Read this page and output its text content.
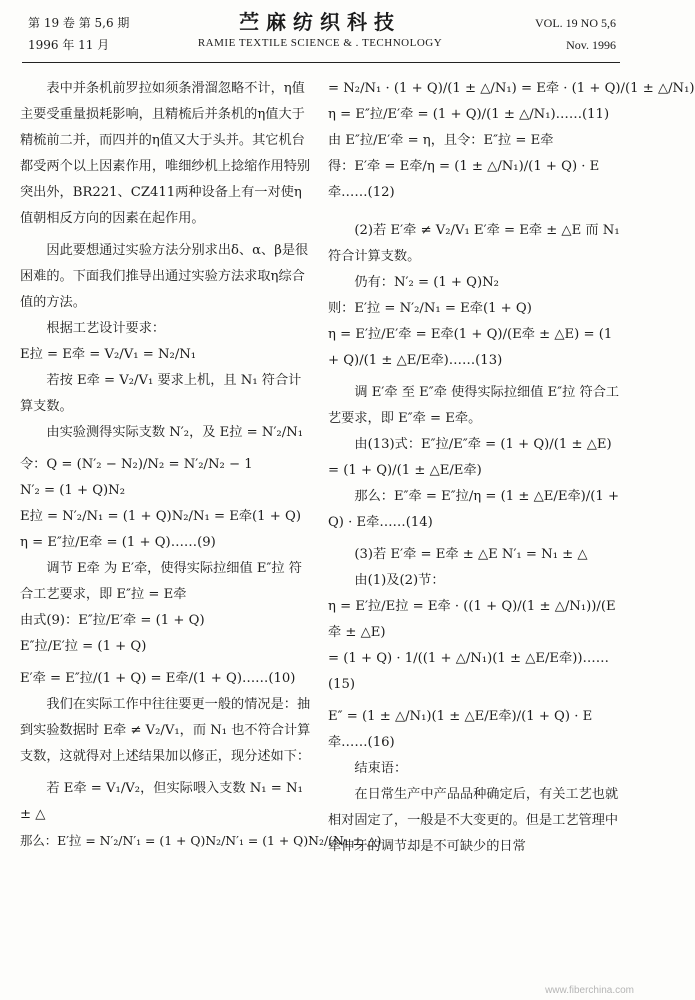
第 19 卷 第 5,6 期
1996 年 11 月
苎麻纺织科技
RAMIE TEXTILE SCIENCE & . TECHNOLOGY
VOL. 19 NO 5,6
Nov. 1996

表中并条机前罗拉如须条滑溜忽略不计，η值主要受重量损耗影响，且精梳后并条机的η值大于精梳前二并，而四并的η值又大于头并。其它机台都受两个以上因素作用，唯细纱机上捻缩作用特别突出外，BR221、CZ411两种设备上有一对使η值朝相反方向的因素在起作用。

因此要想通过实验方法分别求出δ、α、β是很困难的。下面我们推导出通过实验方法求取η综合值的方法。

根据工艺设计要求：

E拉 = E牵 = V₂/V₁ = N₂/N₁

若按 E牵 = V₂/V₁ 要求上机，且 N₁ 符合计算支数。

由实验测得实际支数 N′₂，及 E拉 = N′₂/N₁

令：Q = (N′₂ − N₂)/N₂ = N′₂/N₂ − 1

N′₂ = (1 + Q)N₂

E拉 = N′₂/N₁ = (1 + Q)N₂/N₁ = E牵(1 + Q)

η = E″拉/E牵 = (1 + Q)……(9)

调节 E牵 为 E′牵，使得实际拉细值 E″拉 符合工艺要求，即 E″拉 = E牵

由式(9)：E″拉/E′牵 = (1 + Q)

E″拉/E′拉 = (1 + Q)

E′牵 = E″拉/(1 + Q) = E牵/(1 + Q)……(10)

我们在实际工作中往往要更一般的情况是：抽到实验数据时 E牵 ≠ V₂/V₁，而 N₁ 也不符合计算支数，这就得对上述结果加以修正，现分述如下：

若 E牵 = V₁/V₂，但实际喂入支数 N₁ = N₁ ± △

那么：E′拉 = N′₂/N′₁ = (1 + Q)N₂/N′₁ = (1 + Q)N₂/(N₁ ± △)

= N₂/N₁ · (1 + Q)/(1 ± △/N₁) = E牵 · (1 + Q)/(1 ± △/N₁)

η = E″拉/E′牵 = (1 + Q)/(1 ± △/N₁)……(11)

由 E″拉/E′牵 = η，且令：E″拉 = E牵

得：E′牵 = E牵/η = (1 ± △/N₁)/(1 + Q) · E牵……(12)

(2)若 E′牵 ≠ V₂/V₁ E′牵 = E牵 ± △E 而 N₁ 符合计算支数。

仍有：N′₂ = (1 + Q)N₂

则：E′拉 = N′₂/N₁ = E牵(1 + Q)

η = E′拉/E′牵 = E牵(1 + Q)/(E牵 ± △E) = (1 + Q)/(1 ± △E/E牵)……(13)

调 E′牵 至 E″牵 使得实际拉细值 E″拉 符合工艺要求，即 E″牵 = E牵。

由(13)式：E″拉/E″牵 = (1 + Q)/(1 ± △E) = (1 + Q)/(1 ± △E/E牵)

那么：E″牵 = E″拉/η = (1 ± △E/E牵)/(1 + Q) · E牵……(14)

(3)若 E′牵 = E牵 ± △E N′₁ = N₁ ± △

由(1)及(2)节：

η = E′拉/E拉 = E牵 · ((1 + Q)/(1 ± △/N₁))/(E牵 ± △E)

= (1 + Q) · 1/((1 + △/N₁)(1 ± △E/E牵))……(15)

E″ = (1 ± △/N₁)(1 ± △E/E牵)/(1 + Q) · E牵……(16)

结束语：

在日常生产中产品品种确定后，有关工艺也就相对固定了，一般是不大变更的。但是工艺管理中牵伸牙的调节却是不可缺少的日常

www.fiberchina.com
